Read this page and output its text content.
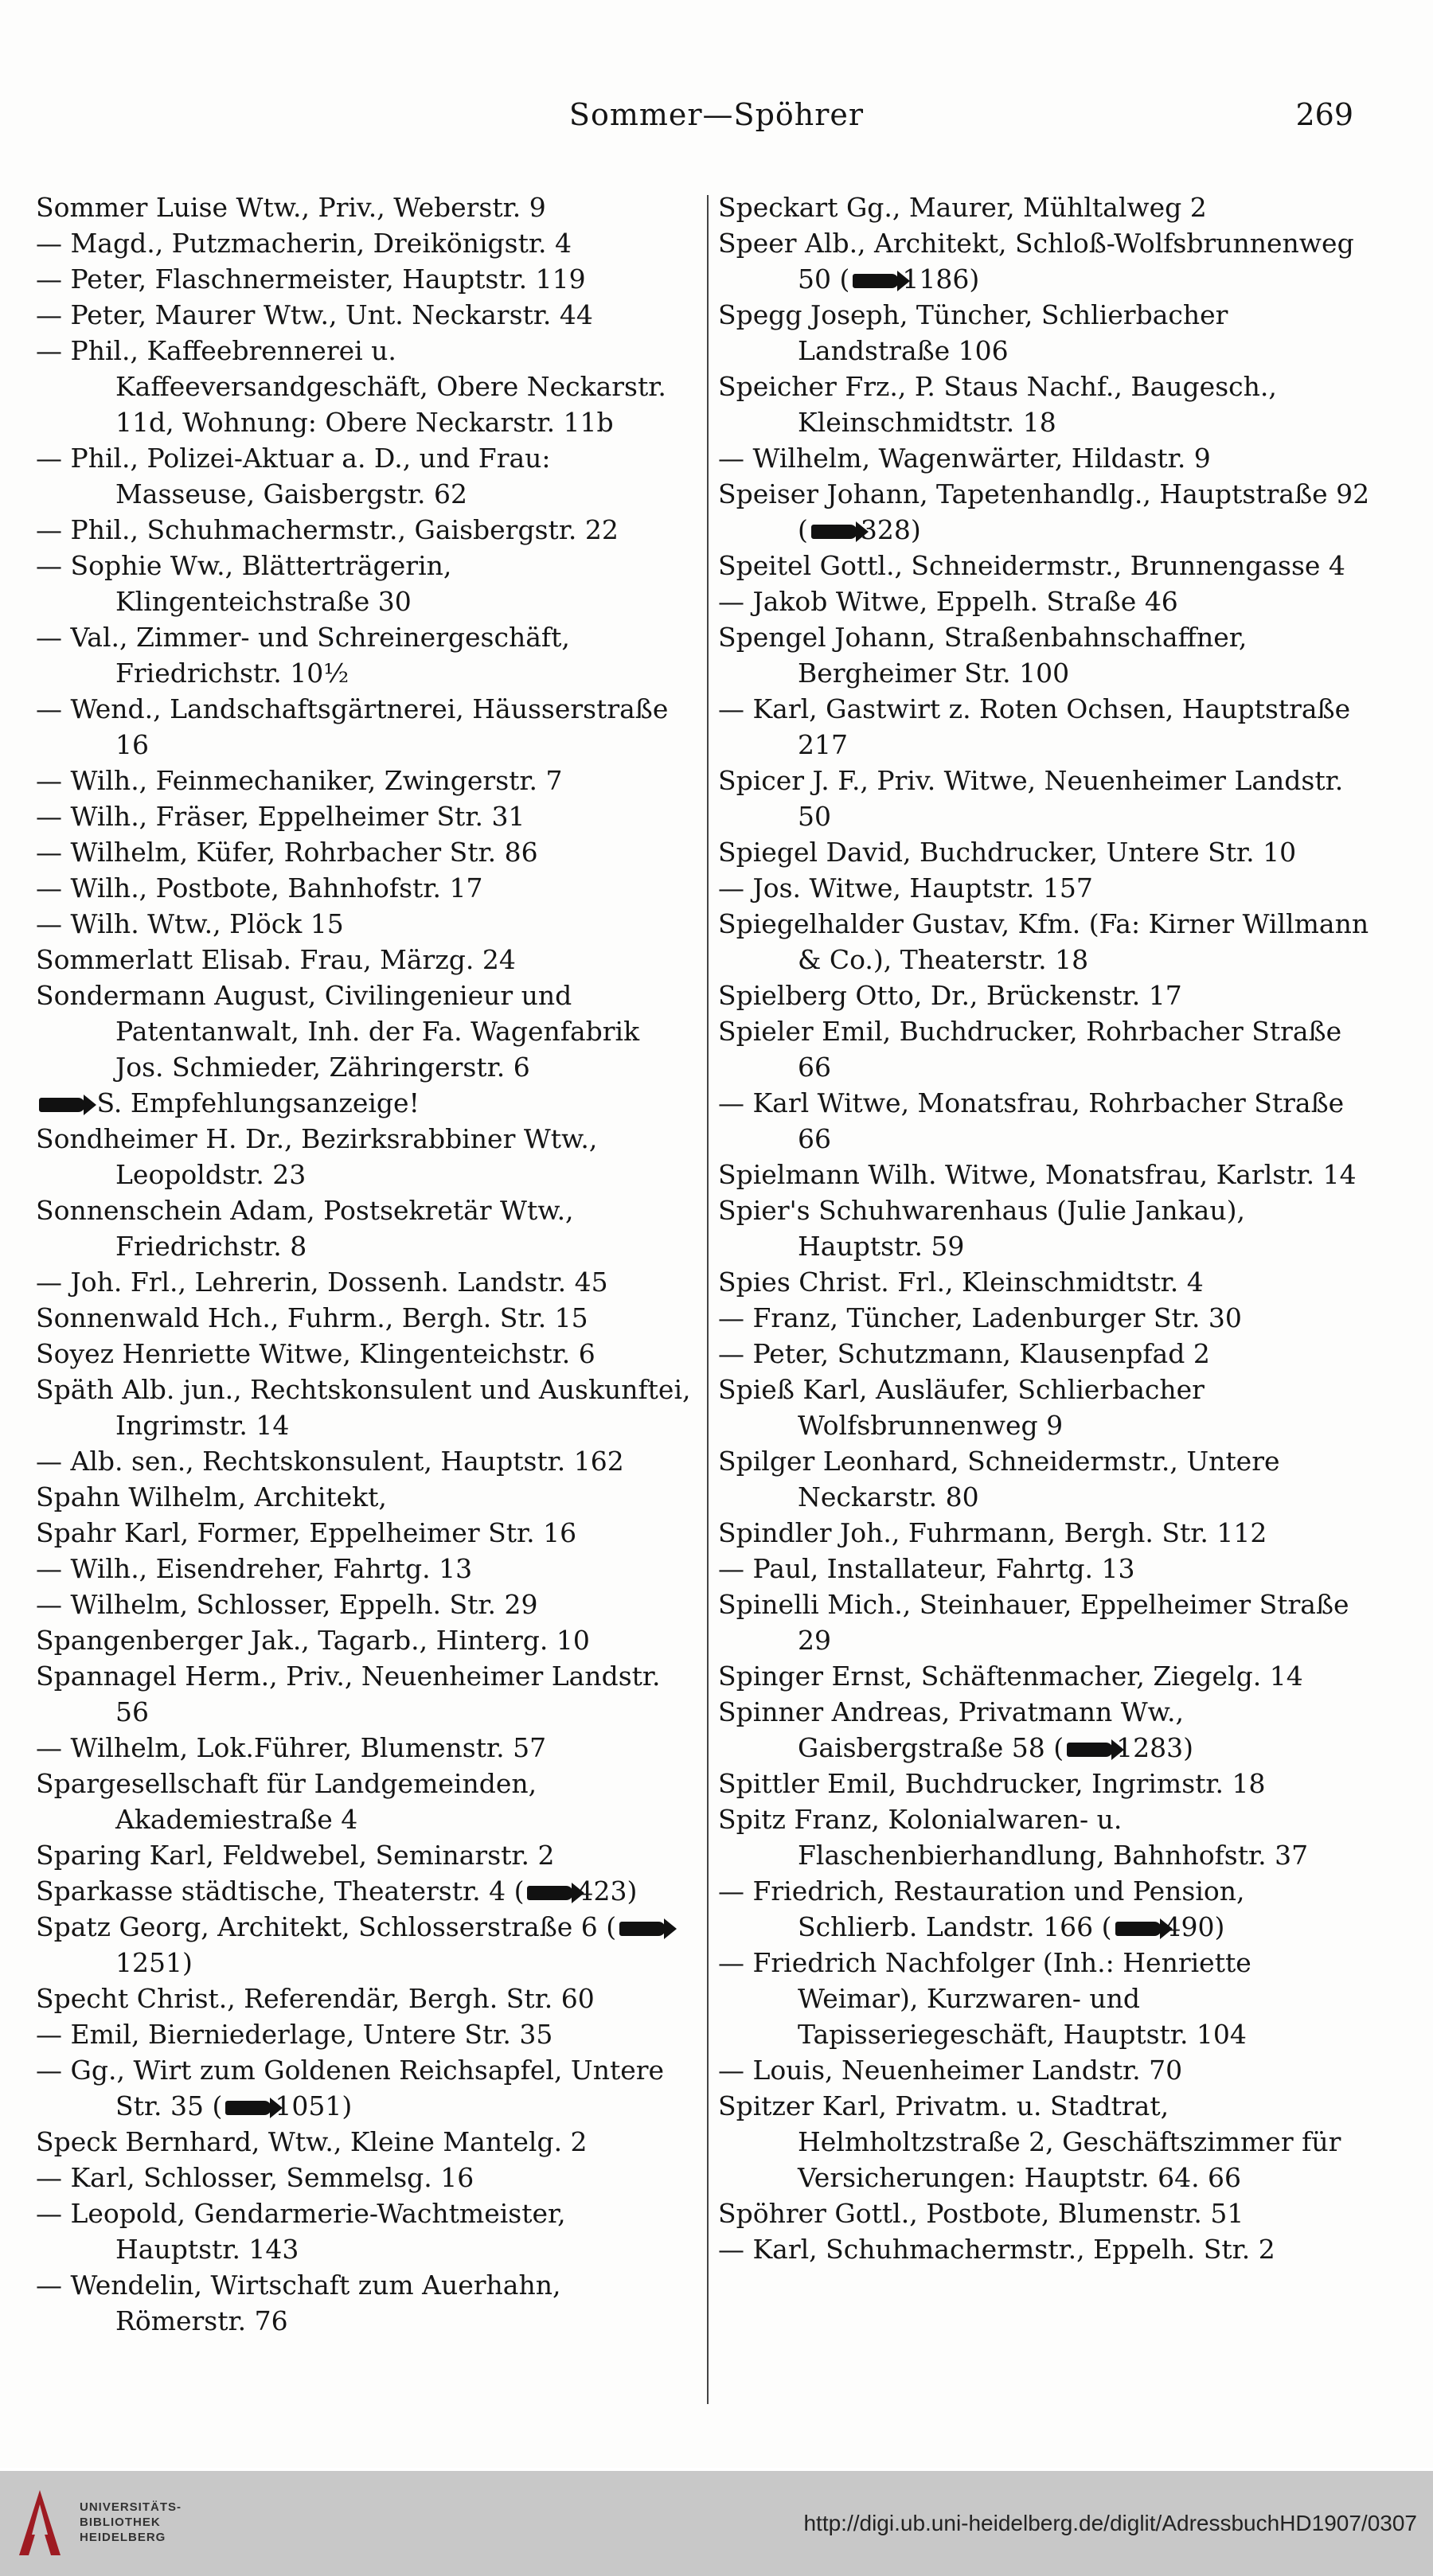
Sommer—Spöhrer	269
Sommer Luise Wtw., Priv., Weberstr. 9
— Magd., Putzmacherin, Dreikönigstr. 4
— Peter, Flaschnermeister, Hauptstr. 119
— Peter, Maurer Wtw., Unt. Neckarstr. 44
— Phil., Kaffeebrennerei u. Kaffeeversandgeschäft, Obere Neckarstr. 11d, Wohnung: Obere Neckarstr. 11b
— Phil., Polizei-Aktuar a. D., und Frau: Masseuse, Gaisbergstr. 62
— Phil., Schuhmachermstr., Gaisbergstr. 22
— Sophie Ww., Blätterträgerin, Klingenteichstraße 30
— Val., Zimmer- und Schreinergeschäft, Friedrichstr. 10½
— Wend., Landschaftsgärtnerei, Häusserstraße 16
— Wilh., Feinmechaniker, Zwingerstr. 7
— Wilh., Fräser, Eppelheimer Str. 31
— Wilhelm, Küfer, Rohrbacher Str. 86
— Wilh., Postbote, Bahnhofstr. 17
— Wilh. Wtw., Plöck 15
Sommerlatt Elisab. Frau, Märzg. 24
Sondermann August, Civilingenieur und Patentanwalt, Inh. der Fa. Wagenfabrik Jos. Schmieder, Zähringerstr. 6
S. Empfehlungsanzeige!
Sondheimer H. Dr., Bezirksrabbiner Wtw., Leopoldstr. 23
Sonnenschein Adam, Postsekretär Wtw., Friedrichstr. 8
— Joh. Frl., Lehrerin, Dossenh. Landstr. 45
Sonnenwald Hch., Fuhrm., Bergh. Str. 15
Soyez Henriette Witwe, Klingenteichstr. 6
Späth Alb. jun., Rechtskonsulent und Auskunftei, Ingrimstr. 14
— Alb. sen., Rechtskonsulent, Hauptstr. 162
Spahn Wilhelm, Architekt,
Spahr Karl, Former, Eppelheimer Str. 16
— Wilh., Eisendreher, Fahrtg. 13
— Wilhelm, Schlosser, Eppelh. Str. 29
Spangenberger Jak., Tagarb., Hinterg. 10
Spannagel Herm., Priv., Neuenheimer Landstr. 56
— Wilhelm, Lok.Führer, Blumenstr. 57
Spargesellschaft für Landgemeinden, Akademiestraße 4
Sparing Karl, Feldwebel, Seminarstr. 2
Sparkasse städtische, Theaterstr. 4 ( 423)
Spatz Georg, Architekt, Schlosserstraße 6 (1251)
Specht Christ., Referendär, Bergh. Str. 60
— Emil, Bierniederlage, Untere Str. 35
— Gg., Wirt zum Goldenen Reichsapfel, Untere Str. 35 ( 1051)
Speck Bernhard, Wtw., Kleine Mantelg. 2
— Karl, Schlosser, Semmelsg. 16
— Leopold, Gendarmerie-Wachtmeister, Hauptstr. 143
— Wendelin, Wirtschaft zum Auerhahn, Römerstr. 76
Speckart Gg., Maurer, Mühltalweg 2
Speer Alb., Architekt, Schloß-Wolfsbrunnenweg 50 ( 1186)
Spegg Joseph, Tüncher, Schlierbacher Landstraße 106
Speicher Frz., P. Staus Nachf., Baugesch., Kleinschmidtstr. 18
— Wilhelm, Wagenwärter, Hildastr. 9
Speiser Johann, Tapetenhandlg., Hauptstraße 92 ( 328)
Speitel Gottl., Schneidermstr., Brunnengasse 4
— Jakob Witwe, Eppelh. Straße 46
Spengel Johann, Straßenbahnschaffner, Bergheimer Str. 100
— Karl, Gastwirt z. Roten Ochsen, Hauptstraße 217
Spicer J. F., Priv. Witwe, Neuenheimer Landstr. 50
Spiegel David, Buchdrucker, Untere Str. 10
— Jos. Witwe, Hauptstr. 157
Spiegelhalder Gustav, Kfm. (Fa: Kirner Willmann & Co.), Theaterstr. 18
Spielberg Otto, Dr., Brückenstr. 17
Spieler Emil, Buchdrucker, Rohrbacher Straße 66
— Karl Witwe, Monatsfrau, Rohrbacher Straße 66
Spielmann Wilh. Witwe, Monatsfrau, Karlstr. 14
Spier's Schuhwarenhaus (Julie Jankau), Hauptstr. 59
Spies Christ. Frl., Kleinschmidtstr. 4
— Franz, Tüncher, Ladenburger Str. 30
— Peter, Schutzmann, Klausenpfad 2
Spieß Karl, Ausläufer, Schlierbacher Wolfsbrunnenweg 9
Spilger Leonhard, Schneidermstr., Untere Neckarstr. 80
Spindler Joh., Fuhrmann, Bergh. Str. 112
— Paul, Installateur, Fahrtg. 13
Spinelli Mich., Steinhauer, Eppelheimer Straße 29
Spinger Ernst, Schäftenmacher, Ziegelg. 14
Spinner Andreas, Privatmann Ww., Gaisbergstraße 58 ( 1283)
Spittler Emil, Buchdrucker, Ingrimstr. 18
Spitz Franz, Kolonialwaren- u. Flaschenbierhandlung, Bahnhofstr. 37
— Friedrich, Restauration und Pension, Schlierb. Landstr. 166 ( 490)
— Friedrich Nachfolger (Inh.: Henriette Weimar), Kurzwaren- und Tapisseriegeschäft, Hauptstr. 104
— Louis, Neuenheimer Landstr. 70
Spitzer Karl, Privatm. u. Stadtrat, Helmholtzstraße 2, Geschäftszimmer für Versicherungen: Hauptstr. 64. 66
Spöhrer Gottl., Postbote, Blumenstr. 51
— Karl, Schuhmachermstr., Eppelh. Str. 2
UNIVERSITÄTS-
BIBLIOTHEK
HEIDELBERG
http://digi.ub.uni-heidelberg.de/diglit/AdressbuchHD1907/0307
